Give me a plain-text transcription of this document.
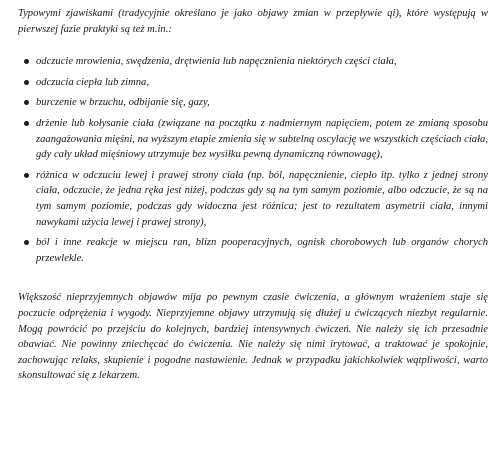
Typowymi zjawiskami (tradycyjnie określano je jako objawy zmian w przepływie qi), które występują w pierwszej fazie praktyki są też m.in.:

odczucie mrowienia, swędzenia, drętwienia lub napęcznienia niektórych części ciała,
odczucia ciepła lub zimna,
burczenie w brzuchu, odbijanie się, gazy,
drżenie lub kołysanie ciała (związane na początku z nadmiernym napięciem, potem ze zmianą sposobu zaangażowania mięśni, na wyższym etapie zmienia się w subtelną oscylację we wszystkich częściach ciała, gdy cały układ mięśniowy utrzymuje bez wysiłku pewną dynamiczną równowagę),
różnica w odczuciu lewej i prawej strony ciała (np. ból, napęcznienie, ciepło itp. tylko z jednej strony ciała, odczucie, że jedna ręka jest niżej, podczas gdy są na tym samym poziomie, albo odczucie, że są na tym samym poziomie, podczas gdy widoczna jest różnica; jest to rezultatem asymetrii ciała, innymi nawykami użycia lewej i prawej strony),
ból i inne reakcje w miejscu ran, blizn pooperacyjnych, ognisk chorobowych lub organów chorych przewlekle.

Większość nieprzyjemnych objawów mija po pewnym czasie ćwiczenia, a głównym wrażeniem staje się poczucie odprężenia i wygody. Nieprzyjemne objawy utrzymują się dłużej u ćwiczących niezbyt regularnie. Mogą powrócić po przejściu do kolejnych, bardziej intensywnych ćwiczeń. Nie należy się ich przesadnie obawiać. Nie powinny zniechęcać do ćwiczenia. Nie należy się nimi irytować, a traktować je spokojnie, zachowując relaks, skupienie i pogodne nastawienie. Jednak w przypadku jakichkolwiek wątpliwości, warto skonsultować się z lekarzem.
